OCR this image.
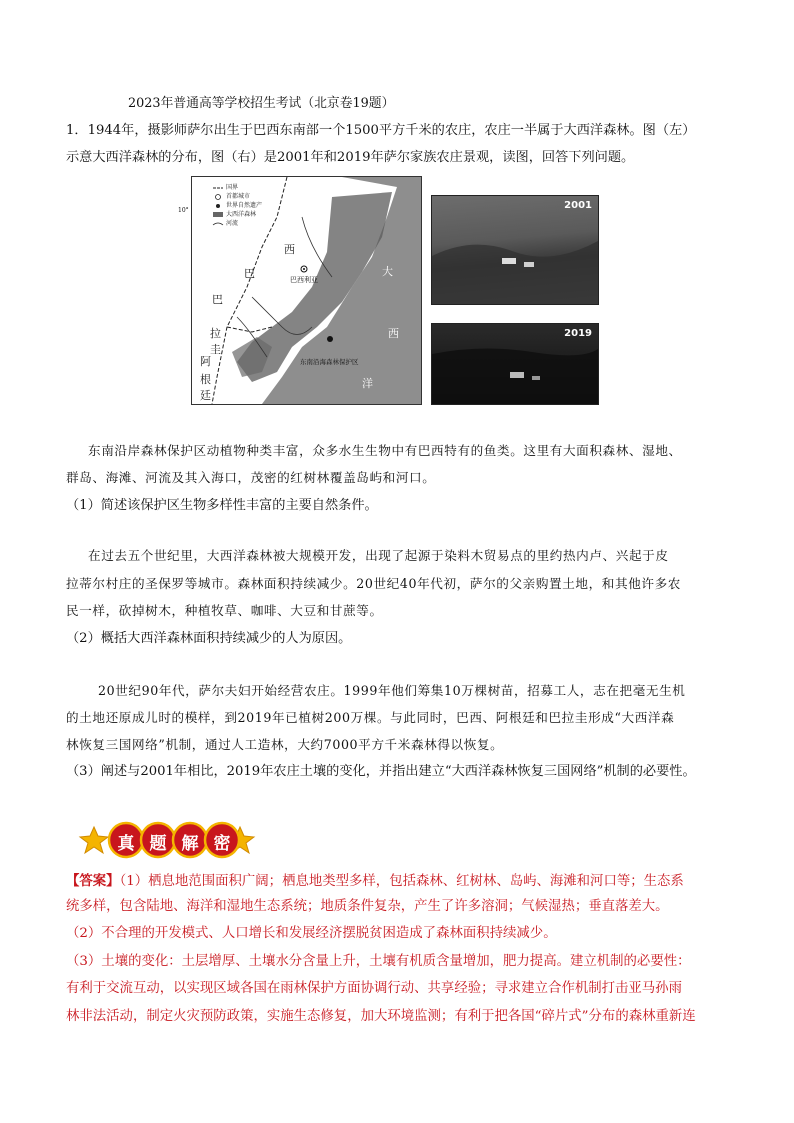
2023年普通高等学校招生考试（北京卷19题）
1．1944年，摄影师萨尔出生于巴西东南部一个1500平方千米的农庄，农庄一半属于大西洋森林。图（左）
示意大西洋森林的分布，图（右）是2001年和2019年萨尔家族农庄景观，读图，回答下列问题。
国界
首都城市
世界自然遗产
大西洋森林
河流
巴
西
巴西利亚
巴
拉
圭
阿
根
廷
大
西
洋
东南沿海森林保护区
10°	2001
2019
东南沿岸森林保护区动植物种类丰富，众多水生生物中有巴西特有的鱼类。这里有大面积森林、湿地、
群岛、海滩、河流及其入海口，茂密的红树林覆盖岛屿和河口。
（1）简述该保护区生物多样性丰富的主要自然条件。
在过去五个世纪里，大西洋森林被大规模开发，出现了起源于染料木贸易点的里约热内卢、兴起于皮
拉蒂尔村庄的圣保罗等城市。森林面积持续减少。20世纪40年代初，萨尔的父亲购置土地，和其他许多农
民一样，砍掉树木，种植牧草、咖啡、大豆和甘蔗等。
（2）概括大西洋森林面积持续减少的人为原因。
20世纪90年代，萨尔夫妇开始经营农庄。1999年他们筹集10万棵树苗，招募工人，志在把毫无生机
的土地还原成儿时的模样，到2019年已植树200万棵。与此同时，巴西、阿根廷和巴拉圭形成“大西洋森
林恢复三国网络”机制，通过人工造林，大约7000平方千米森林得以恢复。
（3）阐述与2001年相比，2019年农庄土壤的变化，并指出建立“大西洋森林恢复三国网络”机制的必要性。
真 题 解 密
【答案】（1）栖息地范围面积广阔；栖息地类型多样，包括森林、红树林、岛屿、海滩和河口等；生态系
统多样，包含陆地、海洋和湿地生态系统；地质条件复杂，产生了许多溶洞；气候湿热；垂直落差大。
（2）不合理的开发模式、人口增长和发展经济摆脱贫困造成了森林面积持续减少。
（3）土壤的变化：土层增厚、土壤水分含量上升，土壤有机质含量增加，肥力提高。建立机制的必要性：
有利于交流互动，以实现区域各国在雨林保护方面协调行动、共享经验；寻求建立合作机制打击亚马孙雨
林非法活动，制定火灾预防政策，实施生态修复，加大环境监测；有利于把各国“碎片式”分布的森林重新连
